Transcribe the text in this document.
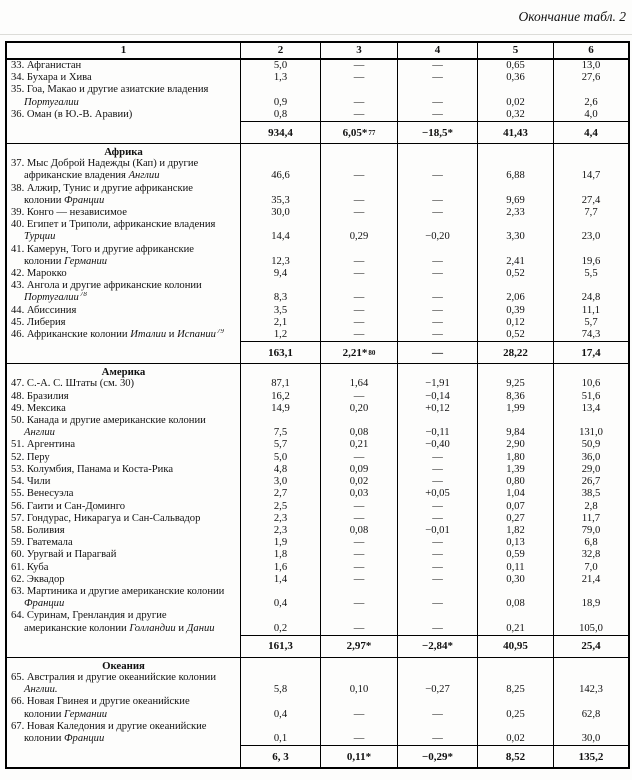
Окончание табл. 2
1	2	3	4	5	6
33. Афганистан	5,0	—	—	0,65	13,0
34. Бухара и Хива	1,3	—	—	0,36	27,6
35. Гоа, Макао и другие азиатские владения
Португалии	0,9	—	—	0,02	2,6
36. Оман (в Ю.-В. Аравии)	0,8	—	—	0,32	4,0
934,4	6,05* 77	−18,5*	41,43	4,4
Африка
37. Мыс Доброй Надежды (Кап) и другие
африканские владения Англии	46,6	—	—	6,88	14,7
38. Алжир, Тунис и другие африканские
колонии Франции	35,3	—	—	9,69	27,4
39. Конго — независимое	30,0	—	—	2,33	7,7
40. Египет и Триполи, африканские владения
Турции	14,4	0,29	−0,20	3,30	23,0
41. Камерун, Того и другие африканские
колонии Германии	12,3	—	—	2,41	19,6
42. Марокко	9,4	—	—	0,52	5,5
43. Ангола и другие африканские колонии
Португалии$^{78}$	8,3	—	—	2,06	24,8
44. Абиссиния	3,5	—	—	0,39	11,1
45. Либерия	2,1	—	—	0,12	5,7
46. Африканские колонии Италии и Испании$^{79}$	1,2	—	—	0,52	74,3
163,1	2,21* 80	—	28,22	17,4
Америка
47. С.-А. С. Штаты (см. 30)	87,1	1,64	−1,91	9,25	10,6
48. Бразилия	16,2	—	−0,14	8,36	51,6
49. Мексика	14,9	0,20	+0,12	1,99	13,4
50. Канада и другие американские колонии
Англии	7,5	0,08	−0,11	9,84	131,0
51. Аргентина	5,7	0,21	−0,40	2,90	50,9
52. Перу	5,0	—	—	1,80	36,0
53. Колумбия, Панама и Коста-Рика	4,8	0,09	—	1,39	29,0
54. Чили	3,0	0,02	—	0,80	26,7
55. Венесуэла	2,7	0,03	+0,05	1,04	38,5
56. Гаити и Сан-Доминго	2,5	—	—	0,07	2,8
57. Гондурас, Никарагуа и Сан-Сальвадор	2,3	—	—	0,27	11,7
58. Боливия	2,3	0,08	−0,01	1,82	79,0
59. Гватемала	1,9	—	—	0,13	6,8
60. Уругвай и Парагвай	1,8	—	—	0,59	32,8
61. Куба	1,6	—	—	0,11	7,0
62. Эквадор	1,4	—	—	0,30	21,4
63. Мартиника и другие американские колонии
Франции	0,4	—	—	0,08	18,9
64. Суринам, Гренландия и другие
американские колонии Голландии и Дании	0,2	—	—	0,21	105,0
161,3	2,97*	−2,84*	40,95	25,4
Океания
65. Австралия и другие океанийские колонии
Англии.	5,8	0,10	−0,27	8,25	142,3
66. Новая Гвинея и другие океанийские
колонии Германии	0,4	—	—	0,25	62,8
67. Новая Каледония и другие океанийские
колонии Франции	0,1	—	—	0,02	30,0
6, 3	0,11*	−0,29*	8,52	135,2
